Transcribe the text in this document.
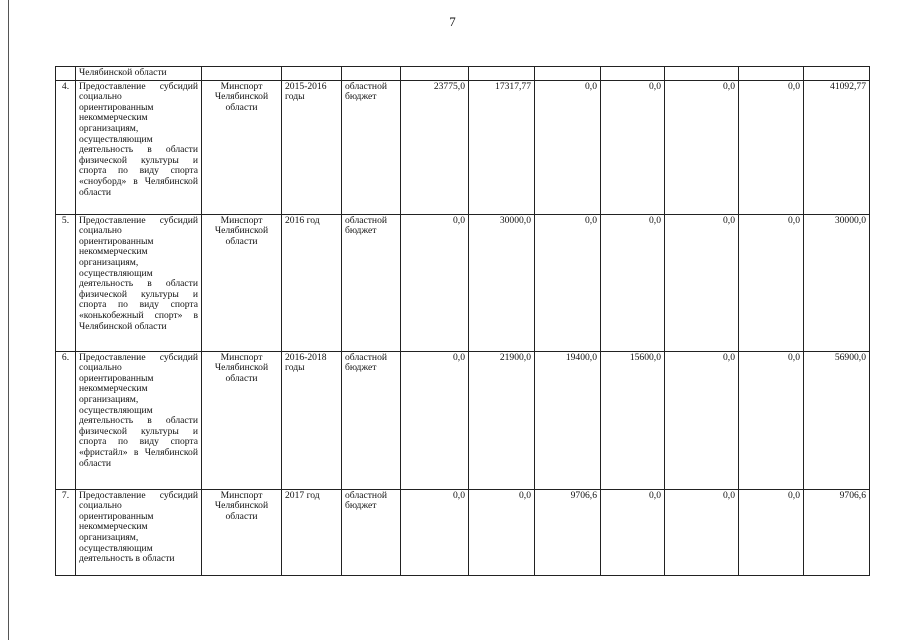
7
	Челябинской области										
4.	Предоставление субсидий социально ориентированным некоммерческим организациям, осуществляющим деятельность в области физической культуры и спорта по виду спорта «сноуборд» в Челябинской области	Минспорт Челябинской области	2015-2016 годы	областной бюджет	23775,0	17317,77	0,0	0,0	0,0	0,0	41092,77
5.	Предоставление субсидий социально ориентированным некоммерческим организациям, осуществляющим деятельность в области физической культуры и спорта по виду спорта «конькобежный спорт» в Челябинской области	Минспорт Челябинской области	2016 год	областной бюджет	0,0	30000,0	0,0	0,0	0,0	0,0	30000,0
6.	Предоставление субсидий социально ориентированным некоммерческим организациям, осуществляющим деятельность в области физической культуры и спорта по виду спорта «фристайл» в Челябинской области	Минспорт Челябинской области	2016-2018 годы	областной бюджет	0,0	21900,0	19400,0	15600,0	0,0	0,0	56900,0
7.	Предоставление субсидий социально ориентированным некоммерческим организациям, осуществляющим деятельность в области	Минспорт Челябинской области	2017 год	областной бюджет	0,0	0,0	9706,6	0,0	0,0	0,0	9706,6
